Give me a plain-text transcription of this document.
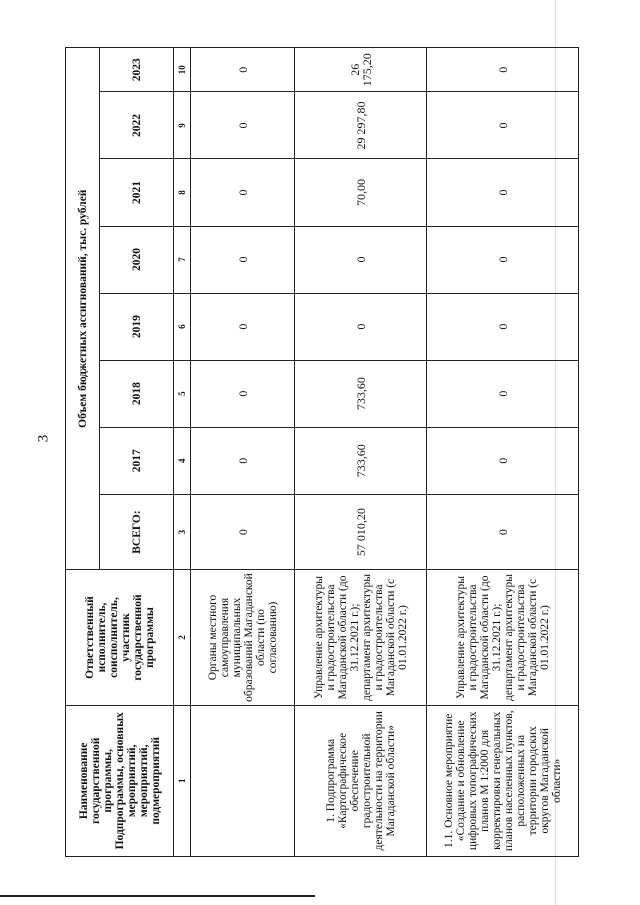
3
Наименование государственной программы, Подпрограммы, основных мероприятий, мероприятий, подмероприятий	Ответственный исполнитель, соисполнитель, участник государственной программы	Объем бюджетных ассигнований, тыс. рублей							
		ВСЕГО:	2017	2018	2019	2020	2021	2022	2023
1	2	3	4	5	6	7	8	9	10
	Органы местного самоуправления муниципальных образований Магаданской области (по согласованию)	0	0	0	0	0	0	0	0
1. Подпрограмма «Картографическое обеспечение градостроительной деятельности на территории Магаданской области»	Управление архитектуры и градостроительства Магаданской области (до 31.12.2021 г.); департамент архитектуры и градостроительства Магаданской области (с 01.01.2022 г.)	57 010,20	733,60	733,60	0	0	70,00	29 297,80	26 175,20
1.1. Основное мероприятие «Создание и обновление цифровых топографических планов М 1:2000 для корректировки генеральных планов населенных пунктов, расположенных на территории городских округов Магаданской области»	Управление архитектуры и градостроительства Магаданской области (до 31.12.2021 г.); департамент архитектуры и градостроительства Магаданской области (с 01.01.2022 г.)	0	0	0	0	0	0	0	0
